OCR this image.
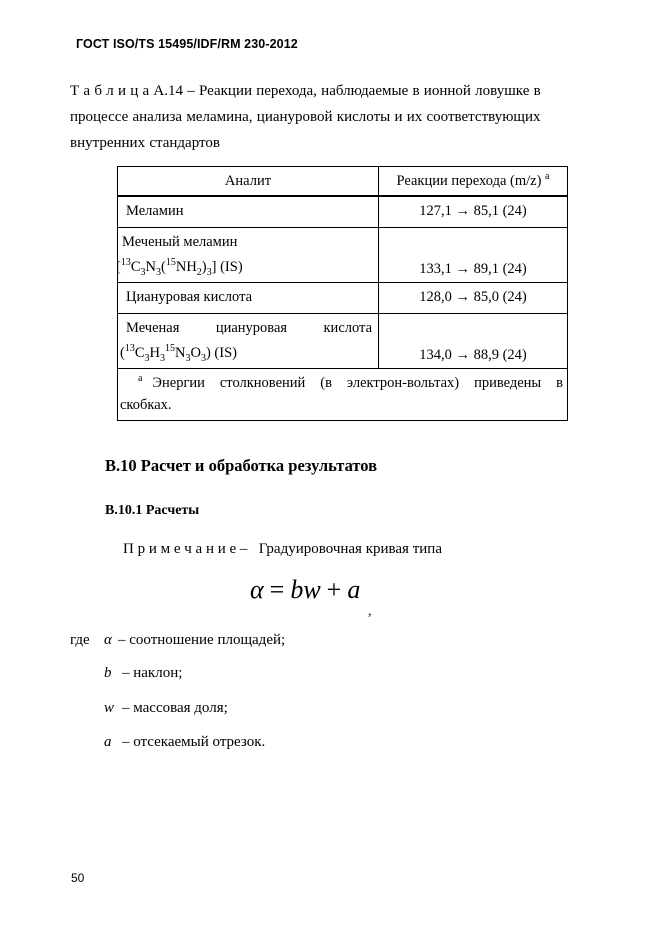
ГОСТ ISO/TS 15495/IDF/RM 230-2012
Т а б л и ц а А.14 – Реакции перехода, наблюдаемые в ионной ловушке в процессе анализа меламина, циануровой кислоты и их соответствующих внутренних стандартов
Аналит	Реакции перехода (m/z) $^a$
Меламин	127,1 → 85,1 (24)

Меченый меламин
$[^{13}C_3N_3(^{15}NH_2)_3]$ (IS)	133,1 → 89,1 (24)
Циануровая кислота	128,0 → 85,0 (24)

Меченая циануровая кислота
$(^{13}C_3H_3^{15}N_3O_3)$ (IS)	134,0 → 88,9 (24)
$^a$ Энергии столкновений (в электрон-вольтах) приведены в скобках.	
B.10 Расчет и обработка результатов
B.10.1 Расчеты
П р и м е ч а н и е – Градуировочная кривая типа
α = bw + a
,
где α – соотношение площадей;
b – наклон;
w – массовая доля;
a – отсекаемый отрезок.
50
